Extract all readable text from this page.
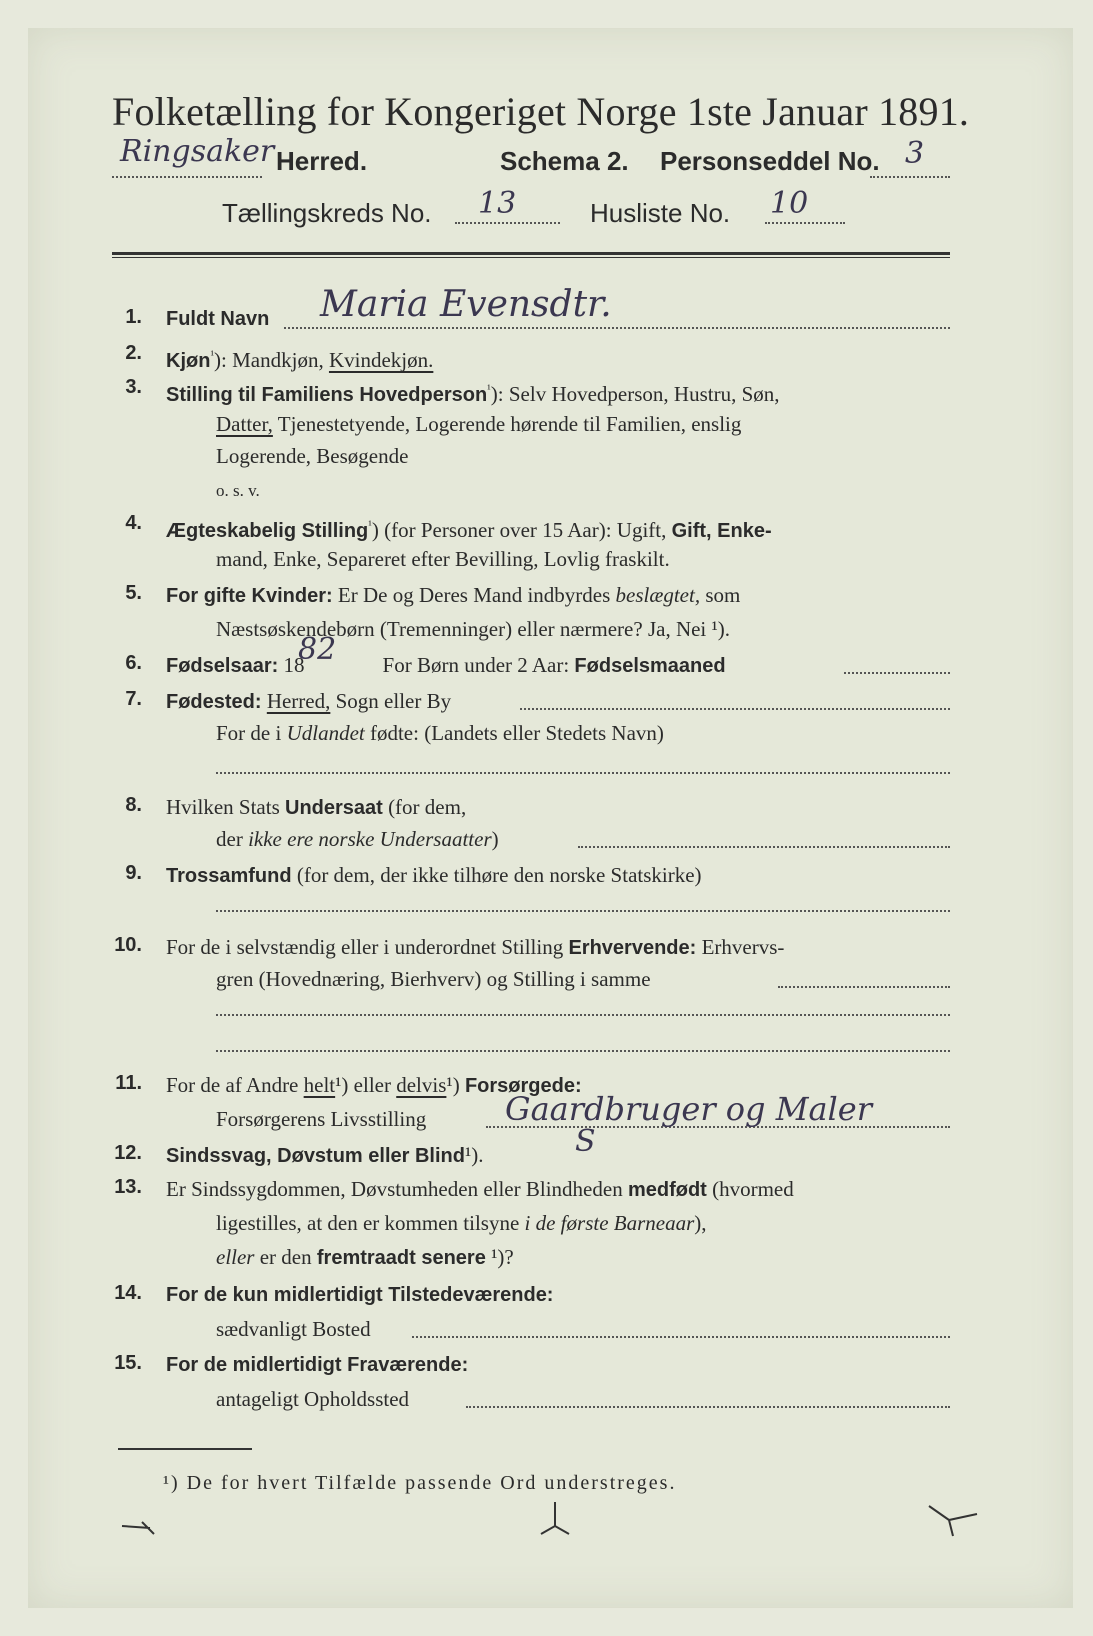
Folketælling for Kongeriget Norge 1ste Januar 1891.
Ringsaker Herred.	Schema 2. Personseddel No. 3
Tællingskreds No. 13	Husliste No. 10
1. Fuldt Navn Maria Evensdtr.
2. Kjøn$^{^1}$): Mandkjøn, Kvindekjøn.
3. Stilling til Familiens Hovedperson$^{^1}$): Selv Hovedperson, Hustru, Søn,
Datter, Tjenestetyende, Logerende hørende til Familien, enslig
Logerende, Besøgende
o. s. v.
4. Ægteskabelig Stilling$^{^1}$) (for Personer over 15 Aar): Ugift, Gift, Enke-
mand, Enke, Separeret efter Bevilling, Lovlig fraskilt.
5. For gifte Kvinder: Er De og Deres Mand indbyrdes beslægtet, som
Næstsøskendebørn (Tremenninger) eller nærmere? Ja, Nei ¹).
6. Fødselsaar: 18	For Børn under 2 Aar: Fødselsmaaned
82
7. Fødested: Herred, Sogn eller By
For de i Udlandet fødte: (Landets eller Stedets Navn)
8. Hvilken Stats Undersaat (for dem,
der ikke ere norske Undersaatter)
9. Trossamfund (for dem, der ikke tilhøre den norske Statskirke)
10. For de i selvstændig eller i underordnet Stilling Erhvervende: Erhvervs-
gren (Hovednæring, Bierhverv) og Stilling i samme
11. For de af Andre helt¹) eller delvis¹) Forsørgede:
Forsørgerens Livsstilling Gaardbruger og Maler
12. Sindssvag, Døvstum eller Blind¹).	S
13. Er Sindssygdommen, Døvstumheden eller Blindheden medfødt (hvormed
ligestilles, at den er kommen tilsyne i de første Barneaar),
eller er den fremtraadt senere ¹)?
14. For de kun midlertidigt Tilstedeværende:
sædvanligt Bosted
15. For de midlertidigt Fraværende:
antageligt Opholdssted
¹) De for hvert Tilfælde passende Ord understreges.
